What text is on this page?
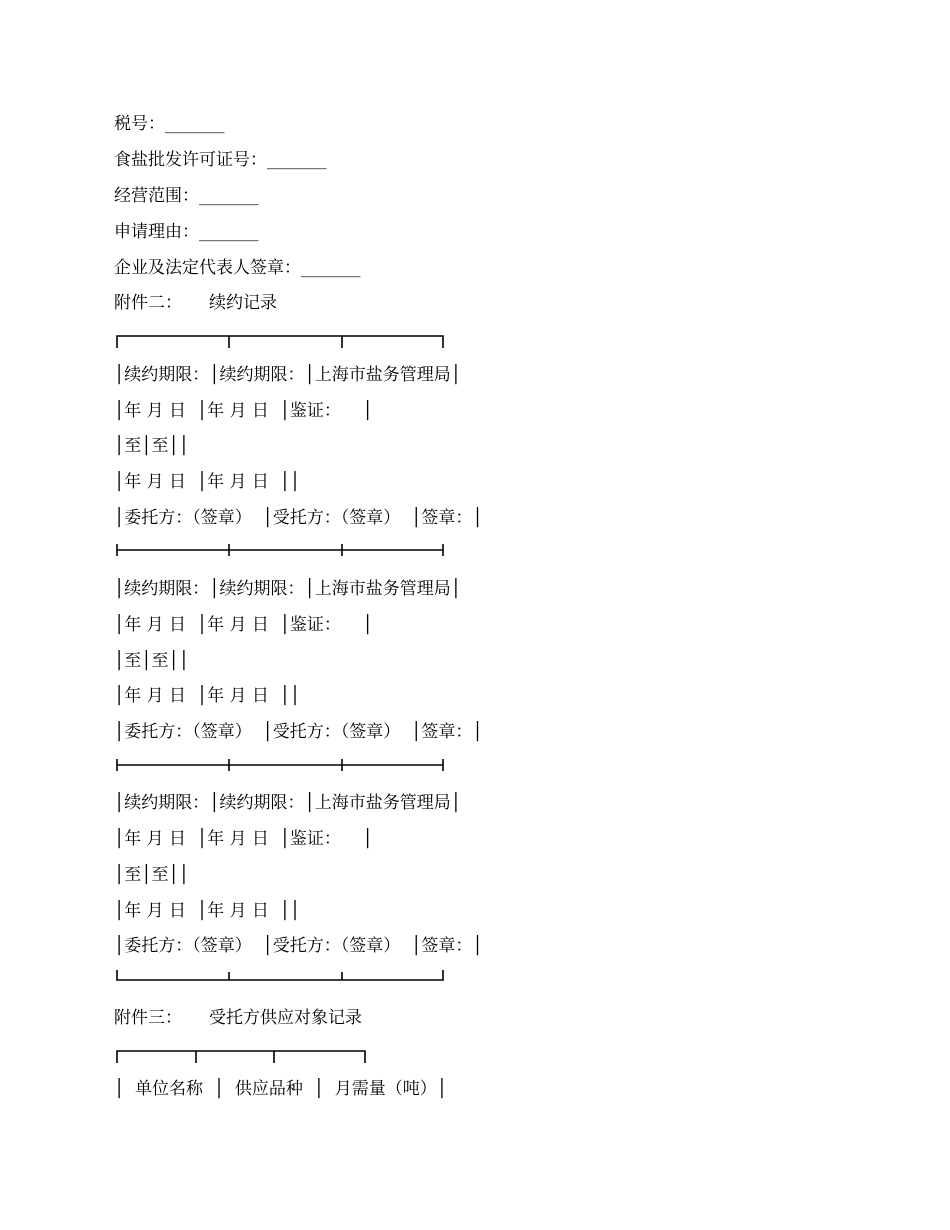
税号：_______
食盐批发许可证号：_______
经营范围：_______
申请理由：_______
企业及法定代表人签章：_______
附件二：     续约记录
│续约期限：│续约期限：│上海市盐务管理局│
│年 月 日  │年 月 日  │鉴证：    │
│至│至││
│年 月 日  │年 月 日  ││
│委托方：（签章）  │受托方：（签章）  │签章：│
│续约期限：│续约期限：│上海市盐务管理局│
│年 月 日  │年 月 日  │鉴证：    │
│至│至││
│年 月 日  │年 月 日  ││
│委托方：（签章）  │受托方：（签章）  │签章：│
│续约期限：│续约期限：│上海市盐务管理局│
│年 月 日  │年 月 日  │鉴证：    │
│至│至││
│年 月 日  │年 月 日  ││
│委托方：（签章）  │受托方：（签章）  │签章：│
附件三：     受托方供应对象记录
│  单位名称  │  供应品种  │  月需量（吨）│
